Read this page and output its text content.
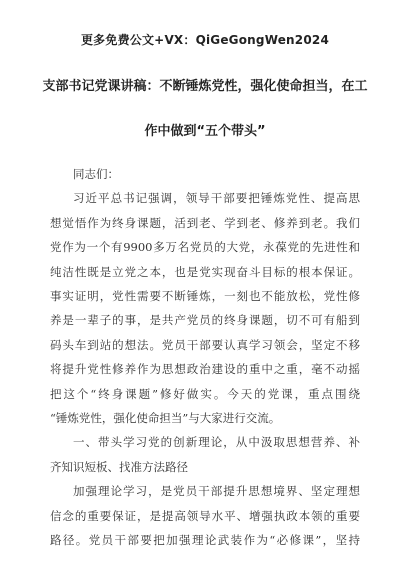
更多免费公文+VX：QiGeGongWen2024
支部书记党课讲稿：不断锤炼党性，强化使命担当，在工
作中做到“五个带头”

同志们：

习近平总书记强调，领导干部要把锤炼党性、提高思

想觉悟作为终身课题，活到老、学到老、修养到老。我们

党作为一个有9900多万名党员的大党，永葆党的先进性和

纯洁性既是立党之本，也是党实现奋斗目标的根本保证。

事实证明，党性需要不断锤炼，一刻也不能放松，党性修

养是一辈子的事，是共产党员的终身课题，切不可有船到

码头车到站的想法。党员干部要认真学习领会，坚定不移

将提升党性修养作为思想政治建设的重中之重，毫不动摇

把这个“终身课题”修好做实。今天的党课，重点围绕

“锤炼党性，强化使命担当”与大家进行交流。

一、带头学习党的创新理论，从中汲取思想营养、补

齐知识短板、找准方法路径

加强理论学习，是党员干部提升思想境界、坚定理想

信念的重要保证，是提高领导水平、增强执政本领的重要

路径。党员干部要把加强理论武装作为“必修课”，坚持
